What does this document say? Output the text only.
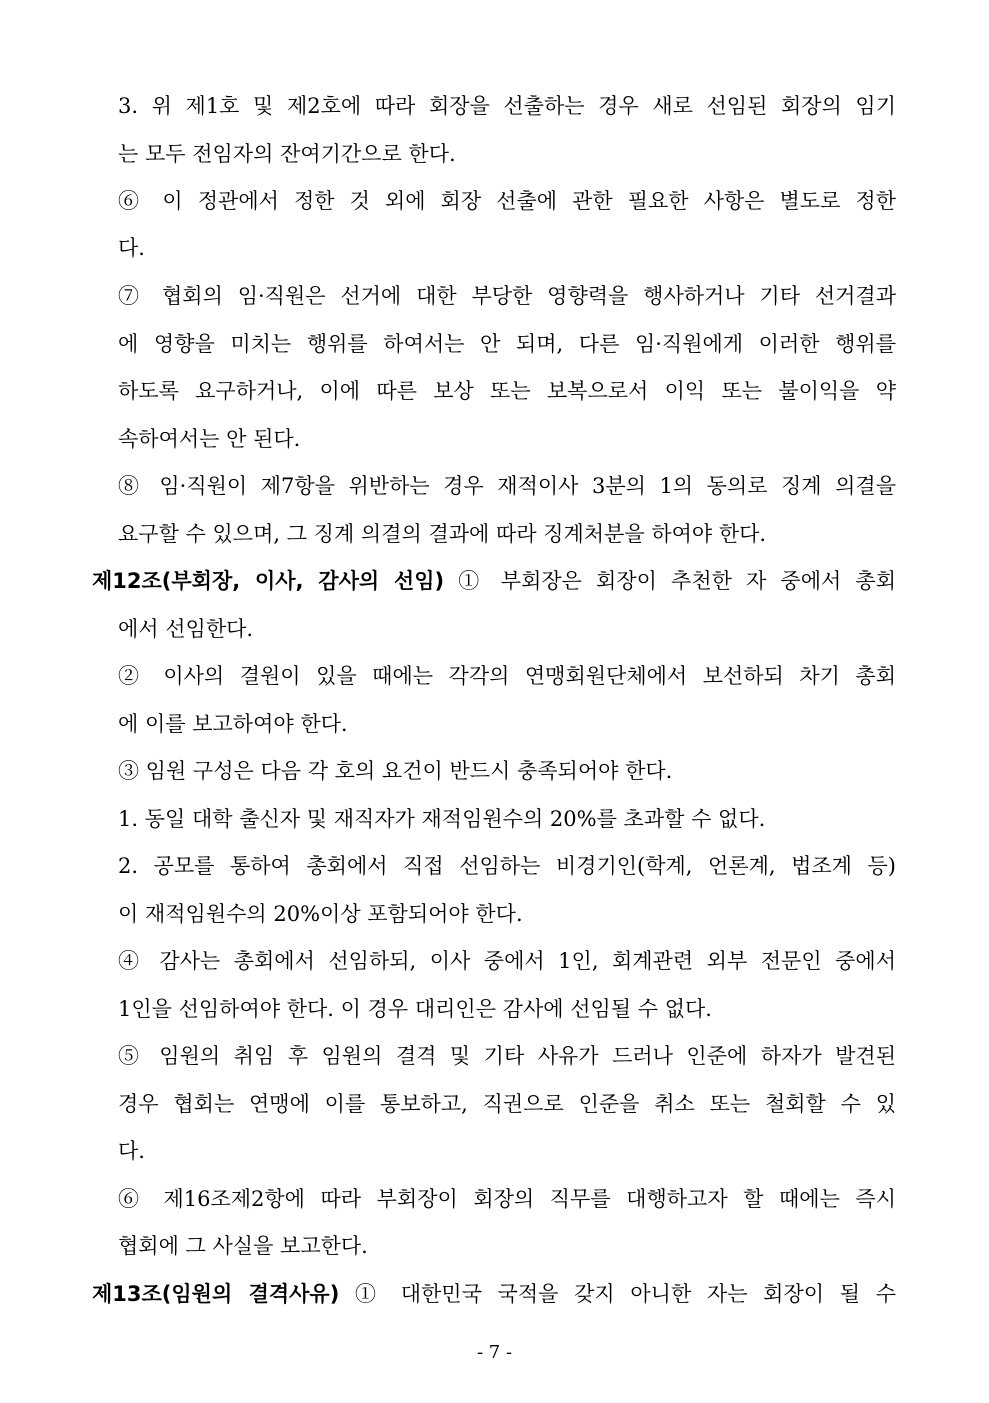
3. 위 제1호 및 제2호에 따라 회장을 선출하는 경우 새로 선임된 회장의 임기
는 모두 전임자의 잔여기간으로 한다.
⑥ 이 정관에서 정한 것 외에 회장 선출에 관한 필요한 사항은 별도로 정한
다.
⑦ 협회의 임·직원은 선거에 대한 부당한 영향력을 행사하거나 기타 선거결과
에 영향을 미치는 행위를 하여서는 안 되며, 다른 임·직원에게 이러한 행위를
하도록 요구하거나, 이에 따른 보상 또는 보복으로서 이익 또는 불이익을 약
속하여서는 안 된다.
⑧ 임·직원이 제7항을 위반하는 경우 재적이사 3분의 1의 동의로 징계 의결을
요구할 수 있으며, 그 징계 의결의 결과에 따라 징계처분을 하여야 한다.
제12조(부회장, 이사, 감사의 선임) ① 부회장은 회장이 추천한 자 중에서 총회
에서 선임한다.
② 이사의 결원이 있을 때에는 각각의 연맹회원단체에서 보선하되 차기 총회
에 이를 보고하여야 한다.
③ 임원 구성은 다음 각 호의 요건이 반드시 충족되어야 한다.
1. 동일 대학 출신자 및 재직자가 재적임원수의 20%를 초과할 수 없다.
2. 공모를 통하여 총회에서 직접 선임하는 비경기인(학계, 언론계, 법조계 등)
이 재적임원수의 20%이상 포함되어야 한다.
④ 감사는 총회에서 선임하되, 이사 중에서 1인, 회계관련 외부 전문인 중에서
1인을 선임하여야 한다. 이 경우 대리인은 감사에 선임될 수 없다.
⑤ 임원의 취임 후 임원의 결격 및 기타 사유가 드러나 인준에 하자가 발견된
경우 협회는 연맹에 이를 통보하고, 직권으로 인준을 취소 또는 철회할 수 있
다.
⑥ 제16조제2항에 따라 부회장이 회장의 직무를 대행하고자 할 때에는 즉시
협회에 그 사실을 보고한다.
제13조(임원의 결격사유) ① 대한민국 국적을 갖지 아니한 자는 회장이 될 수
- 7 -
